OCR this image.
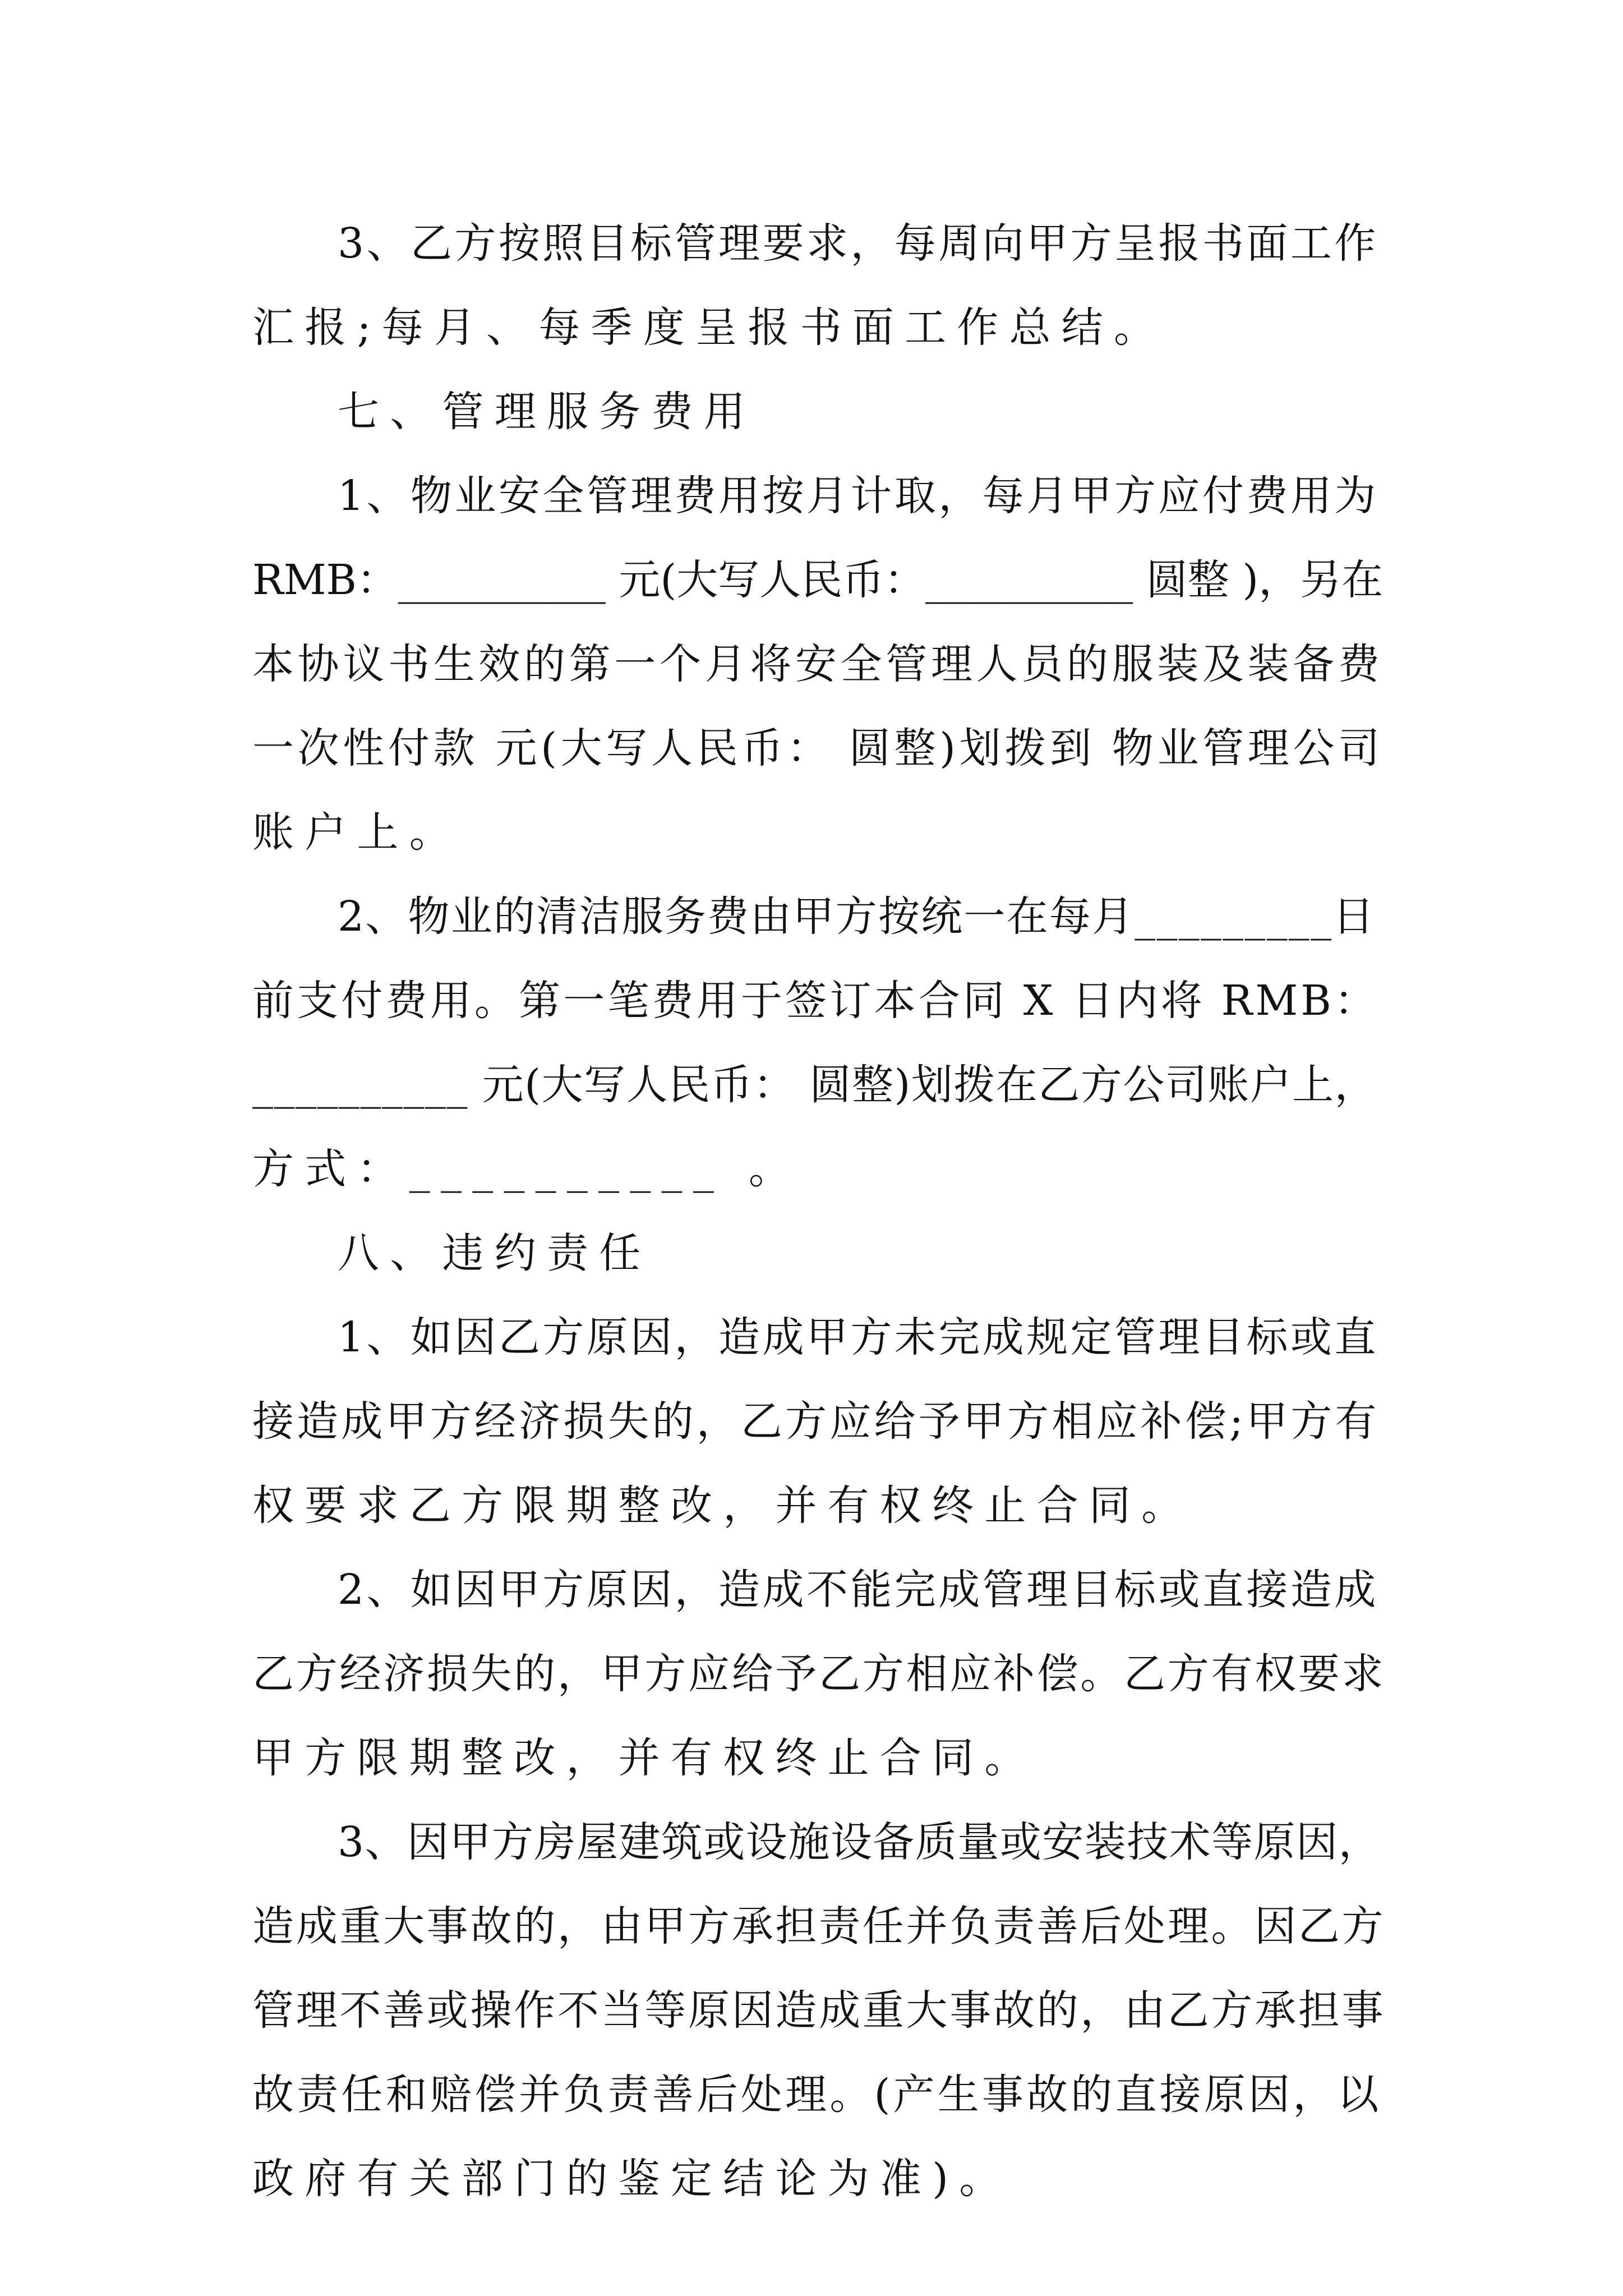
3、乙方按照目标管理要求，每周向甲方呈报书面工作

汇报;每月、每季度呈报书面工作总结。

七、管理服务费用

1、物业安全管理费用按月计取，每月甲方应付费用为

RMB：__________ 元(大写人民币：__________ 圆整 )，另在

本协议书生效的第一个月将安全管理人员的服装及装备费

一次性付款 元(大写人民币： 圆整)划拨到 物业管理公司

账户上。

2、物业的清洁服务费由甲方按统一在每月_________日

前支付费用。第一笔费用于签订本合同 X 日内将 RMB：

__________ 元(大写人民币： 圆整)划拨在乙方公司账户上，

方式：__________ 。

八、违约责任

1、如因乙方原因，造成甲方未完成规定管理目标或直

接造成甲方经济损失的，乙方应给予甲方相应补偿;甲方有

权要求乙方限期整改，并有权终止合同。

2、如因甲方原因，造成不能完成管理目标或直接造成

乙方经济损失的，甲方应给予乙方相应补偿。乙方有权要求

甲方限期整改，并有权终止合同。

3、因甲方房屋建筑或设施设备质量或安装技术等原因，

造成重大事故的，由甲方承担责任并负责善后处理。因乙方

管理不善或操作不当等原因造成重大事故的，由乙方承担事

故责任和赔偿并负责善后处理。(产生事故的直接原因，以

政府有关部门的鉴定结论为准)。
